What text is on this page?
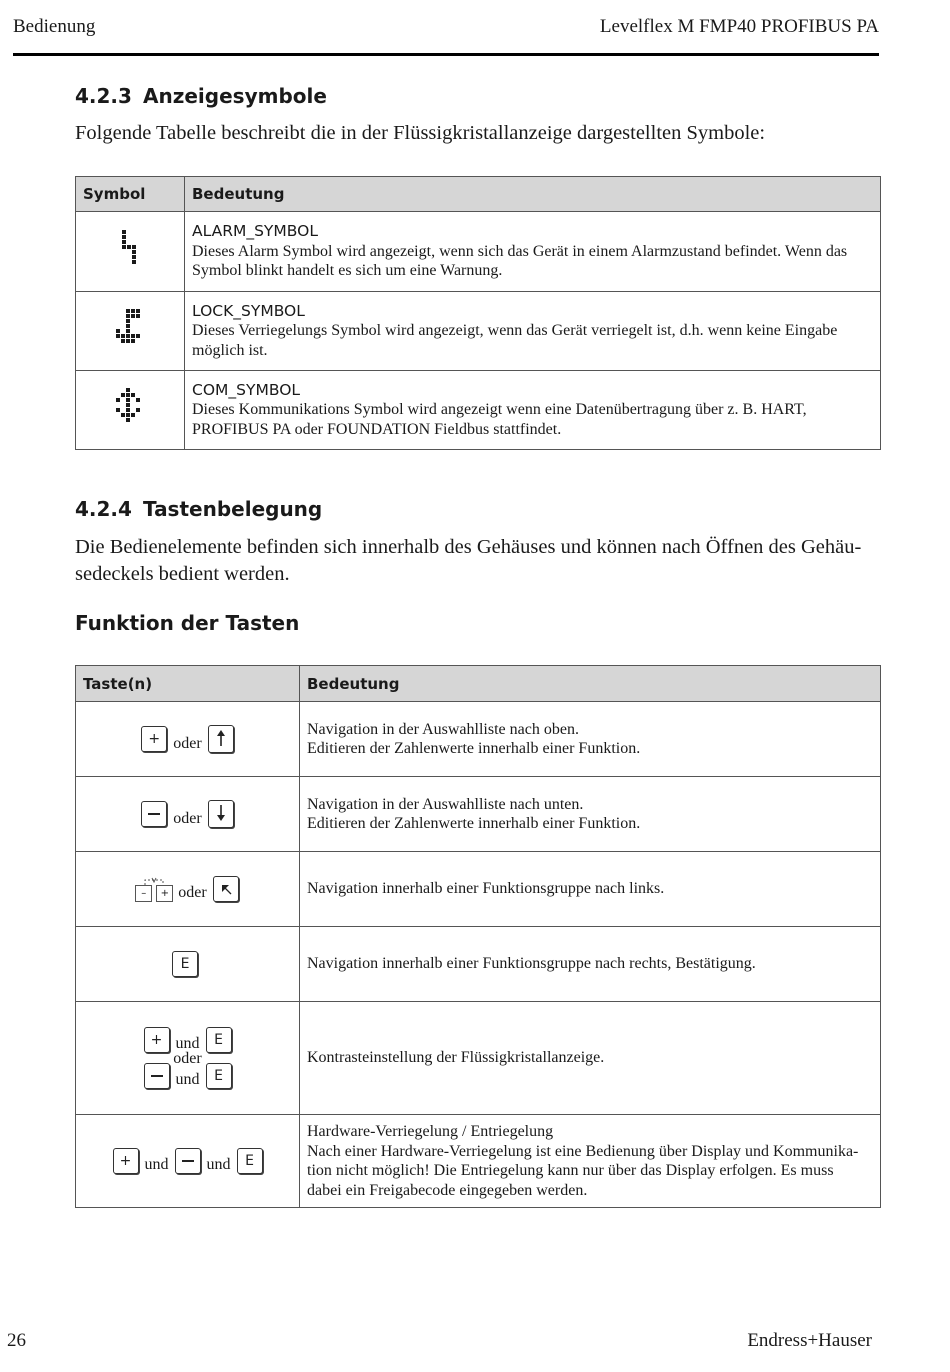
Bedienung	Levelflex M FMP40 PROFIBUS PA
4.2.3 Anzeigesymbole
Folgende Tabelle beschreibt die in der Flüssigkristallanzeige dargestellten Symbole:
Symbol	Bedeutung

ALARM_SYMBOL
Dieses Alarm Symbol wird angezeigt, wenn sich das Gerät in einem Alarmzustand befindet. Wenn das
Symbol blinkt handelt es sich um eine Warnung.

LOCK_SYMBOL
Dieses Verriegelungs Symbol wird angezeigt, wenn das Gerät verriegelt ist, d.h. wenn keine Eingabe
möglich ist.

COM_SYMBOL
Dieses Kommunikations Symbol wird angezeigt wenn eine Datenübertragung über z. B. HART,
PROFIBUS PA oder FOUNDATION Fieldbus stattfindet.
4.2.4 Tastenbelegung
Die Bedienelemente befinden sich innerhalb des Gehäuses und können nach Öffnen des Gehäu-
sedeckels bedient werden.
Funktion der Tasten
Taste(n)	Bedeutung
+ oder	Navigation in der Auswahlliste nach oben.
Editieren der Zahlenwerte innerhalb einer Funktion.

oder	Navigation in der Auswahlliste nach unten.
Editieren der Zahlenwerte innerhalb einer Funktion.

– + oder	Navigation innerhalb einer Funktionsgruppe nach links.

E	Navigation innerhalb einer Funktionsgruppe nach rechts, Bestätigung.

+ und E
oder
und E	Kontrasteinstellung der Flüssigkristallanzeige.

+ und und E	Hardware-Verriegelung / Entriegelung
Nach einer Hardware-Verriegelung ist eine Bedienung über Display und Kommunika-
tion nicht möglich! Die Entriegelung kann nur über das Display erfolgen. Es muss
dabei ein Freigabecode eingegeben werden.
26	Endress+Hauser
